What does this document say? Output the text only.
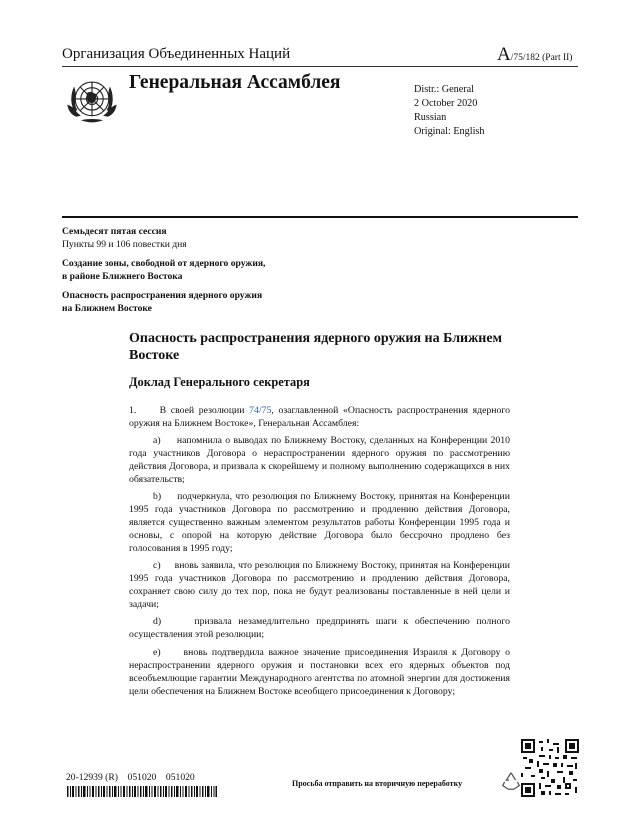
Организация Объединенных Наций	A/75/182 (Part II)
Генеральная Ассамблея	Distr.: General
2 October 2020
Russian
Original: English
Семьдесят пятая сессия
Пункты 99 и 106 повестки дня
Создание зоны, свободной от ядерного оружия,
в районе Ближнего Востока
Опасность распространения ядерного оружия
на Ближнем Востоке
Опасность распространения ядерного оружия на Ближнем Востоке
Доклад Генерального секретаря
1. В своей резолюции 74/75, озаглавленной «Опасность распространения ядерного оружия на Ближнем Востоке», Генеральная Ассамблея:
a) напомнила о выводах по Ближнему Востоку, сделанных на Конференции 2010 года участников Договора о нераспространении ядерного оружия по рассмотрению действия Договора, и призвала к скорейшему и полному выполнению содержащихся в них обязательств;
b) подчеркнула, что резолюция по Ближнему Востоку, принятая на Конференции 1995 года участников Договора по рассмотрению и продлению действия Договора, является существенно важным элементом результатов работы Конференции 1995 года и основы, с опорой на которую действие Договора было бессрочно продлено без голосования в 1995 году;
c) вновь заявила, что резолюция по Ближнему Востоку, принятая на Конференции 1995 года участников Договора по рассмотрению и продлению действия Договора, сохраняет свою силу до тех пор, пока не будут реализованы поставленные в ней цели и задачи;
d)	призвала незамедлительно предпринять шаги к обеспечению полного осуществления этой резолюции;
e) вновь подтвердила важное значение присоединения Израиля к Договору о нераспространении ядерного оружия и постановки всех его ядерных объектов под всеобъемлющие гарантии Международного агентства по атомной энергии для достижения цели обеспечения на Ближнем Востоке всеобщего присоединения к Договору;
20-12939 (R)    051020    051020
Просьба отправить на вторичную переработку
